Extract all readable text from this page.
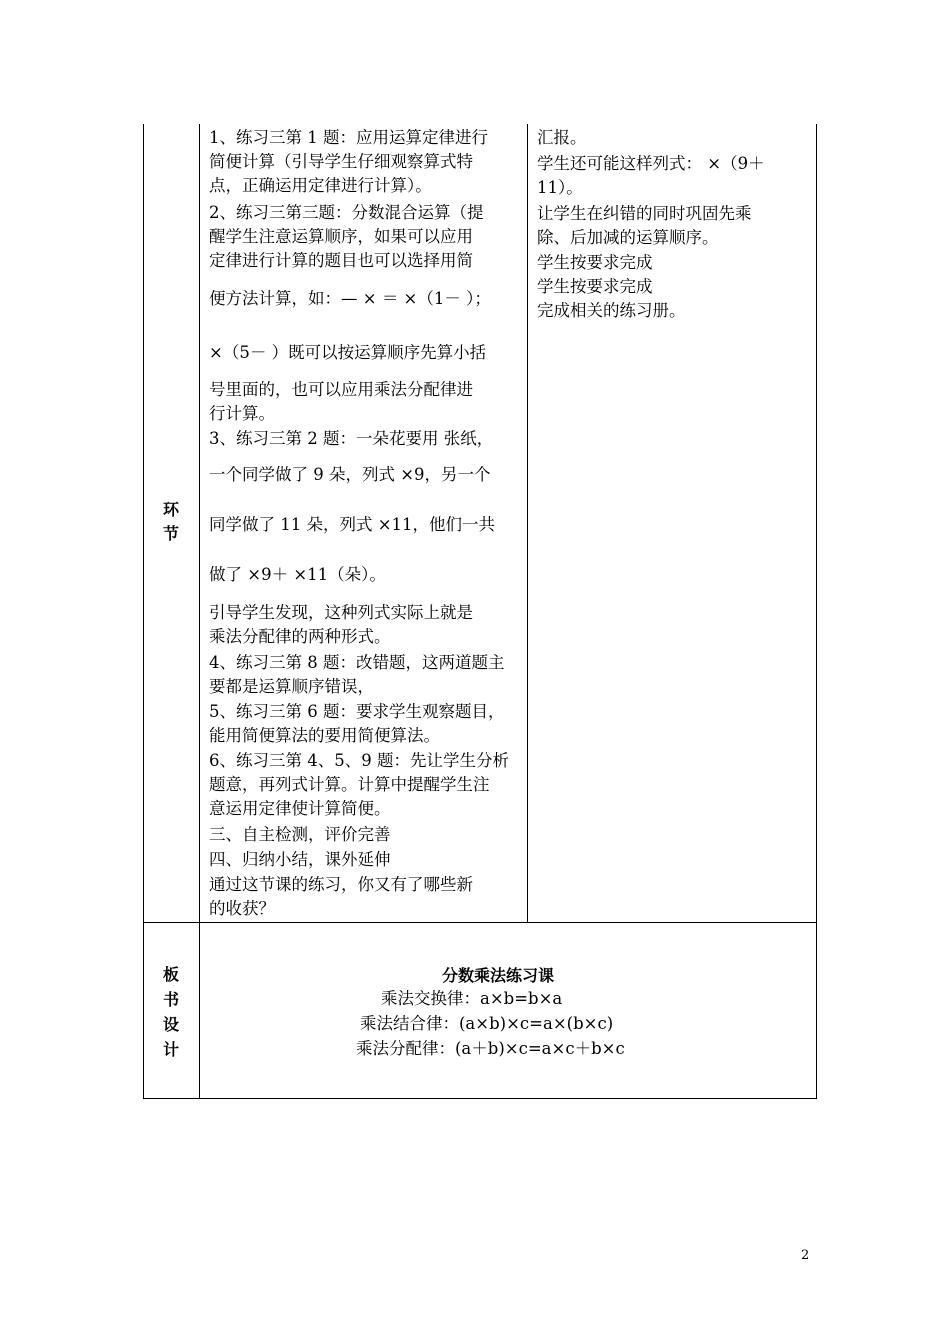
环
节
1、练习三第 1 题：应用运算定律进行
简便计算（引导学生仔细观察算式特
点，正确运用定律进行计算）。
2、练习三第三题：分数混合运算（提
醒学生注意运算顺序，如果可以应用
定律进行计算的题目也可以选择用简
便方法计算，如：— × ＝ ×（1－ ）；
×（5－ ）既可以按运算顺序先算小括
号里面的，也可以应用乘法分配律进
行计算。
3、练习三第 2 题：一朵花要用 张纸，
一个同学做了 9 朵，列式 ×9，另一个
同学做了 11 朵，列式 ×11，他们一共
做了 ×9＋ ×11（朵）。
引导学生发现，这种列式实际上就是
乘法分配律的两种形式。
4、练习三第 8 题：改错题，这两道题主
要都是运算顺序错误，
5、练习三第 6 题：要求学生观察题目，
能用简便算法的要用简便算法。
6、练习三第 4、5、9 题：先让学生分析
题意，再列式计算。计算中提醒学生注
意运用定律使计算简便。
三、自主检测，评价完善
四、归纳小结，课外延伸
通过这节课的练习，你又有了哪些新
的收获？
汇报。
学生还可能这样列式： ×（9＋
11）。
让学生在纠错的同时巩固先乘
除、后加减的运算顺序。
学生按要求完成
学生按要求完成
完成相关的练习册。
板
书
设
计
分数乘法练习课
乘法交换律：a×b=b×a
乘法结合律：(a×b)×c=a×(b×c)
乘法分配律：(a＋b)×c=a×c＋b×c
2
